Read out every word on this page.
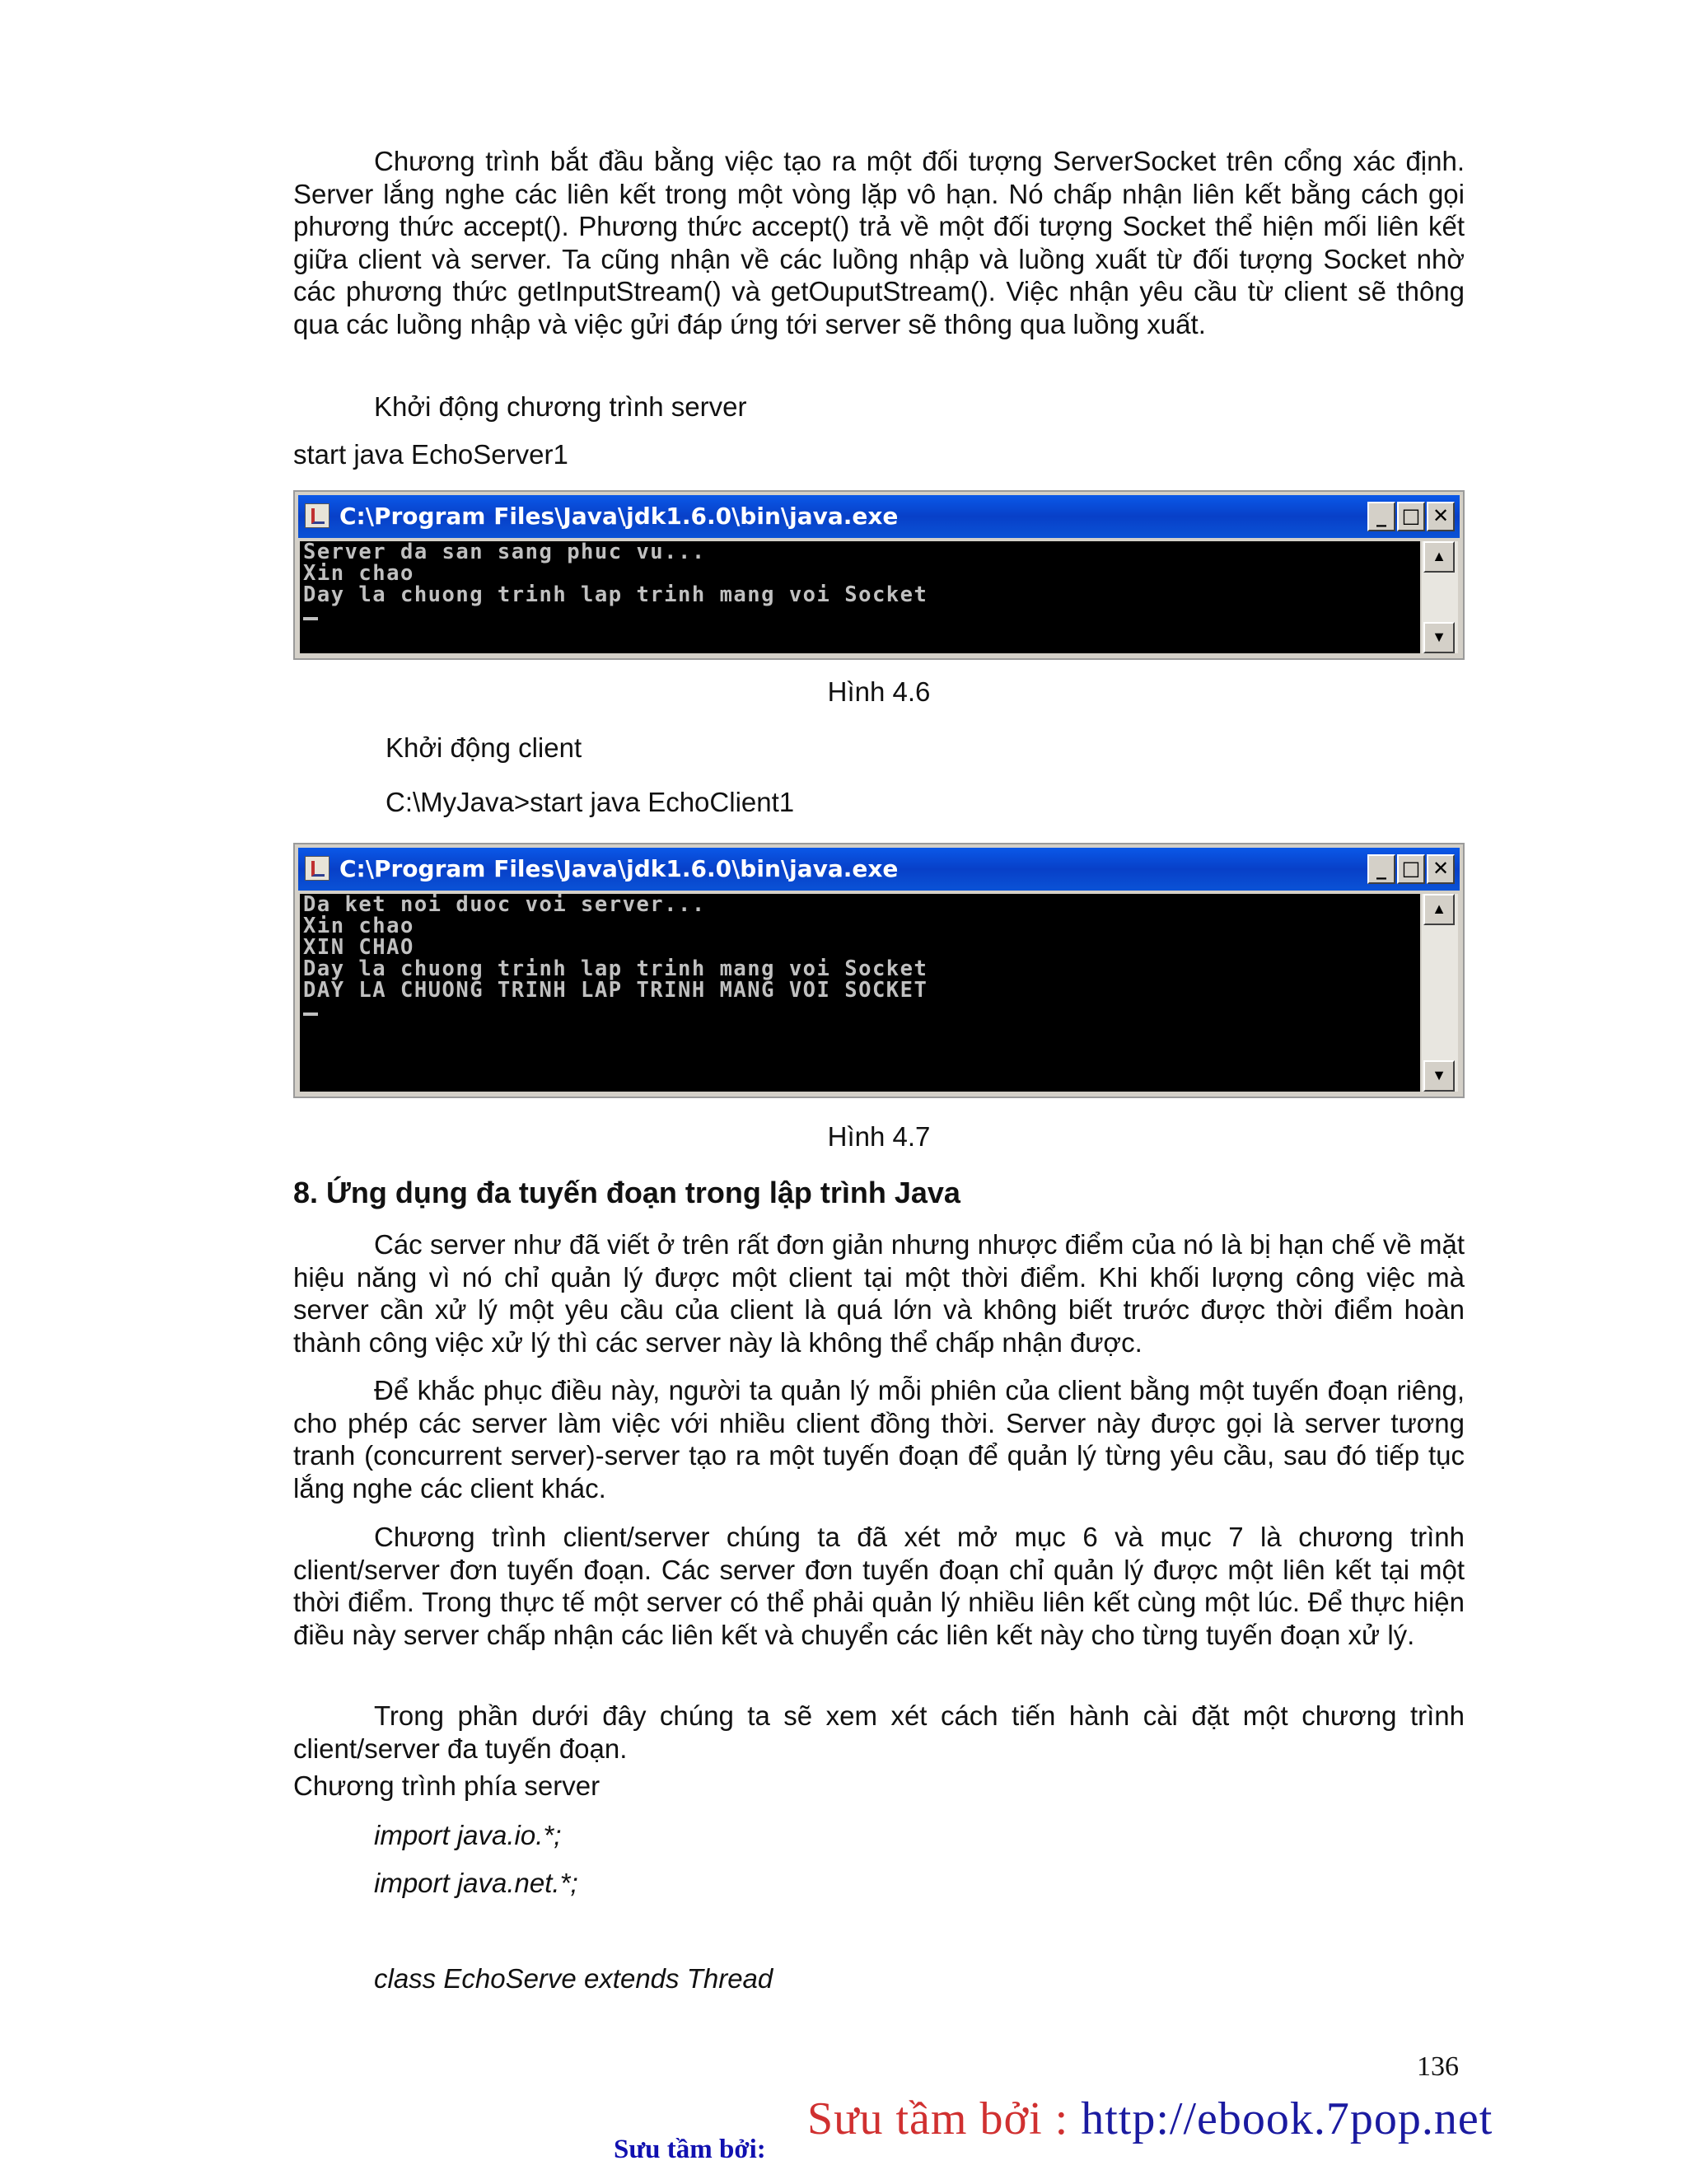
Chương trình bắt đầu bằng việc tạo ra một đối tượng ServerSocket trên cổng xác định. Server lắng nghe các liên kết trong một vòng lặp vô hạn. Nó chấp nhận liên kết bằng cách gọi phương thức accept(). Phương thức accept() trả về một đối tượng Socket thể hiện mối liên kết giữa client và server. Ta cũng nhận về các luồng nhập và luồng xuất từ đối tượng Socket nhờ các phương thức getInputStream() và getOuputStream(). Việc nhận yêu cầu từ client sẽ thông qua các luồng nhập và việc gửi đáp ứng tới server sẽ thông qua luồng xuất.

Khởi động chương trình server

start java EchoServer1

C:\Program Files\Java\jdk1.6.0\bin\java.exe	_ □ ✕

Server da san sang phuc vu...

Xin chao

Day la chuong trinh lap trinh mang voi Socket

▲
▼

Hình 4.6

Khởi động client

C:\MyJava>start java EchoClient1

C:\Program Files\Java\jdk1.6.0\bin\java.exe	_ □ ✕

Da ket noi duoc voi server...

Xin chao

XIN CHAO

Day la chuong trinh lap trinh mang voi Socket

DAY LA CHUONG TRINH LAP TRINH MANG VOI SOCKET

▲
▼

Hình 4.7

8. Ứng dụng đa tuyến đoạn trong lập trình Java

Các server như đã viết ở trên rất đơn giản nhưng nhược điểm của nó là bị hạn chế về mặt hiệu năng vì nó chỉ quản lý được một client tại một thời điểm. Khi khối lượng công việc mà server cần xử lý một yêu cầu của client là quá lớn và không biết trước được thời điểm hoàn thành công việc xử lý thì các server này là không thể chấp nhận được.

Để khắc phục điều này, người ta quản lý mỗi phiên của client bằng một tuyến đoạn riêng, cho phép các server làm việc với nhiều client đồng thời. Server này được gọi là server tương tranh (concurrent server)-server tạo ra một tuyến đoạn để quản lý từng yêu cầu, sau đó tiếp tục lắng nghe các client khác.

Chương trình client/server chúng ta đã xét mở mục 6 và mục 7 là chương trình client/server đơn tuyến đoạn. Các server đơn tuyến đoạn chỉ quản lý được một liên kết tại một thời điểm. Trong thực tế một server có thể phải quản lý nhiều liên kết cùng một lúc. Để thực hiện điều này server chấp nhận các liên kết và chuyển các liên kết này cho từng tuyến đoạn xử lý.

Trong phần dưới đây chúng ta sẽ xem xét cách tiến hành cài đặt một chương trình client/server đa tuyến đoạn.

Chương trình phía server

import java.io.*;

import java.net.*;

class EchoServe extends Thread

136
Sưu tầm bởi:
Sưu tầm bởi : http://ebook.7pop.net
